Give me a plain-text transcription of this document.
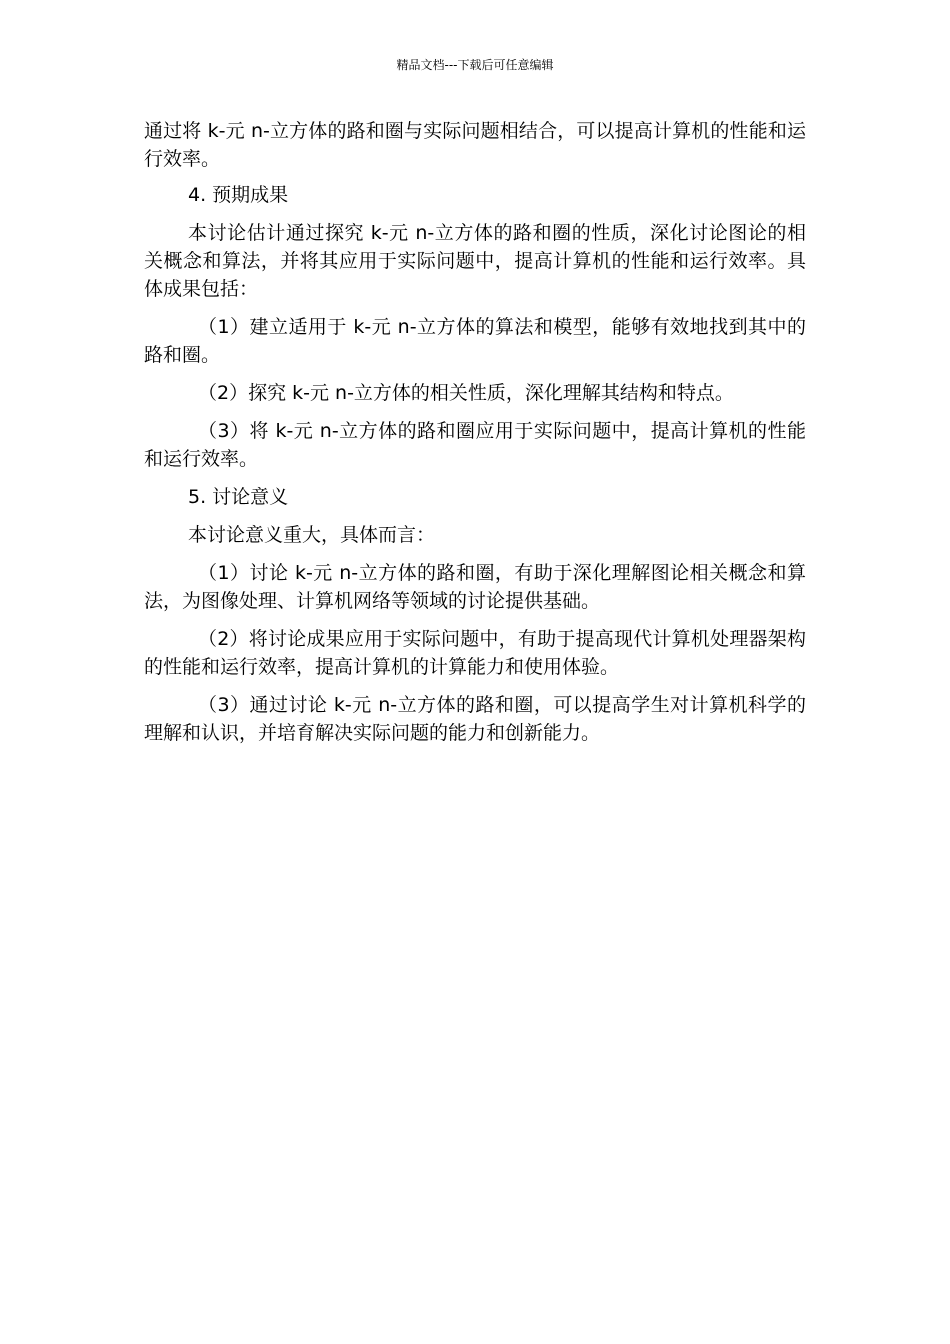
精品文档---下载后可任意编辑

通过将 k-元 n-立方体的路和圈与实际问题相结合，可以提高计算机的性能和运行效率。

4. 预期成果

本讨论估计通过探究 k-元 n-立方体的路和圈的性质，深化讨论图论的相关概念和算法，并将其应用于实际问题中，提高计算机的性能和运行效率。具体成果包括：

（1）建立适用于 k-元 n-立方体的算法和模型，能够有效地找到其中的路和圈。

（2）探究 k-元 n-立方体的相关性质，深化理解其结构和特点。

（3）将 k-元 n-立方体的路和圈应用于实际问题中，提高计算机的性能和运行效率。

5. 讨论意义

本讨论意义重大，具体而言：

（1）讨论 k-元 n-立方体的路和圈，有助于深化理解图论相关概念和算法，为图像处理、计算机网络等领域的讨论提供基础。

（2）将讨论成果应用于实际问题中，有助于提高现代计算机处理器架构的性能和运行效率，提高计算机的计算能力和使用体验。

（3）通过讨论 k-元 n-立方体的路和圈，可以提高学生对计算机科学的理解和认识，并培育解决实际问题的能力和创新能力。
